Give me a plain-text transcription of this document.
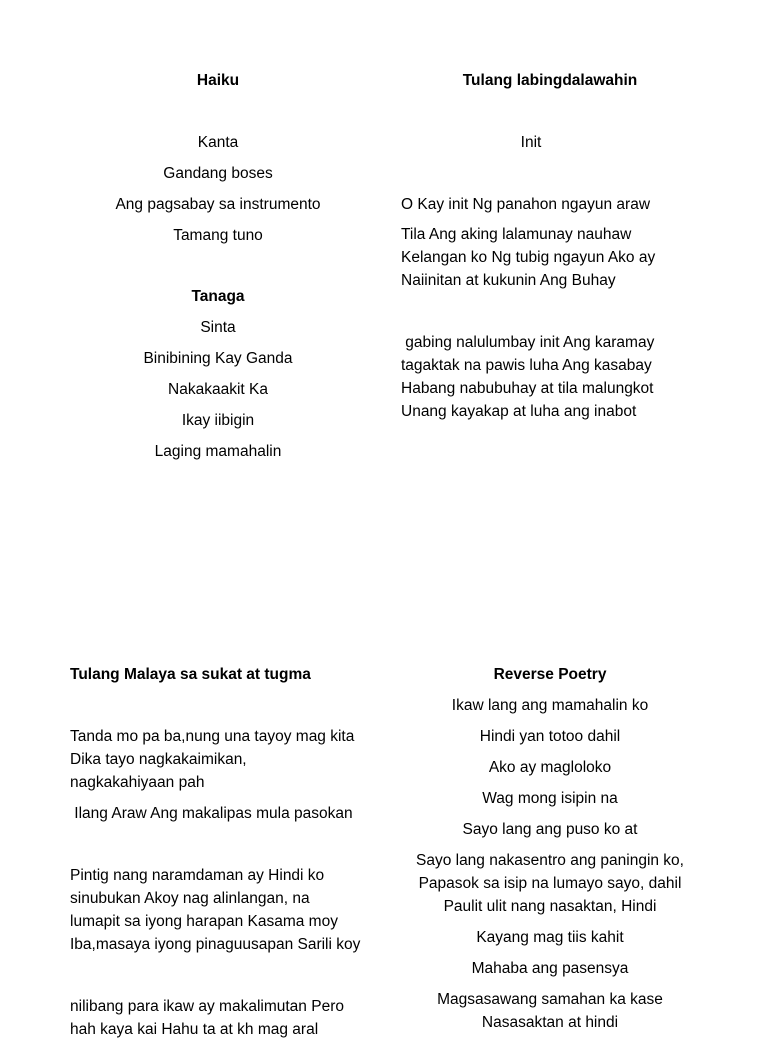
Haiku
Kanta
Gandang boses
Ang pagsabay sa instrumento
Tamang tuno
Tanaga
Sinta
Binibining Kay Ganda
Nakakaakit Ka
Ikay iibigin
Laging mamahalin
Tulang labingdalawahin
Init
O Kay init Ng panahon ngayun araw
Tila Ang aking lalamunay nauhaw
Kelangan ko Ng tubig ngayun Ako ay
Naiinitan at kukunin Ang Buhay
gabing nalulumbay init Ang karamay
tagaktak na pawis luha Ang kasabay
Habang nabubuhay at tila malungkot
Unang kayakap at luha ang inabot
Tulang Malaya sa sukat at tugma
Tanda mo pa ba,nung una tayoy mag kita
Dika tayo nagkakaimikan,
nagkakahiyaan pah
Ilang Araw Ang makalipas mula pasokan
Pintig nang naramdaman ay Hindi ko
sinubukan Akoy nag alinlangan, na
lumapit sa iyong harapan Kasama moy
Iba,masaya iyong pinaguusapan Sarili koy
nilibang para ikaw ay makalimutan Pero
hah kaya kai Hahu ta at kh mag aral
Reverse Poetry
Ikaw lang ang mamahalin ko
Hindi yan totoo dahil
Ako ay magloloko
Wag mong isipin na
Sayo lang ang puso ko at
Sayo lang nakasentro ang paningin ko,
Papasok sa isip na lumayo sayo, dahil
Paulit ulit nang nasaktan, Hindi
Kayang mag tiis kahit
Mahaba ang pasensya
Magsasawang samahan ka kase
Nasasaktan at hindi
